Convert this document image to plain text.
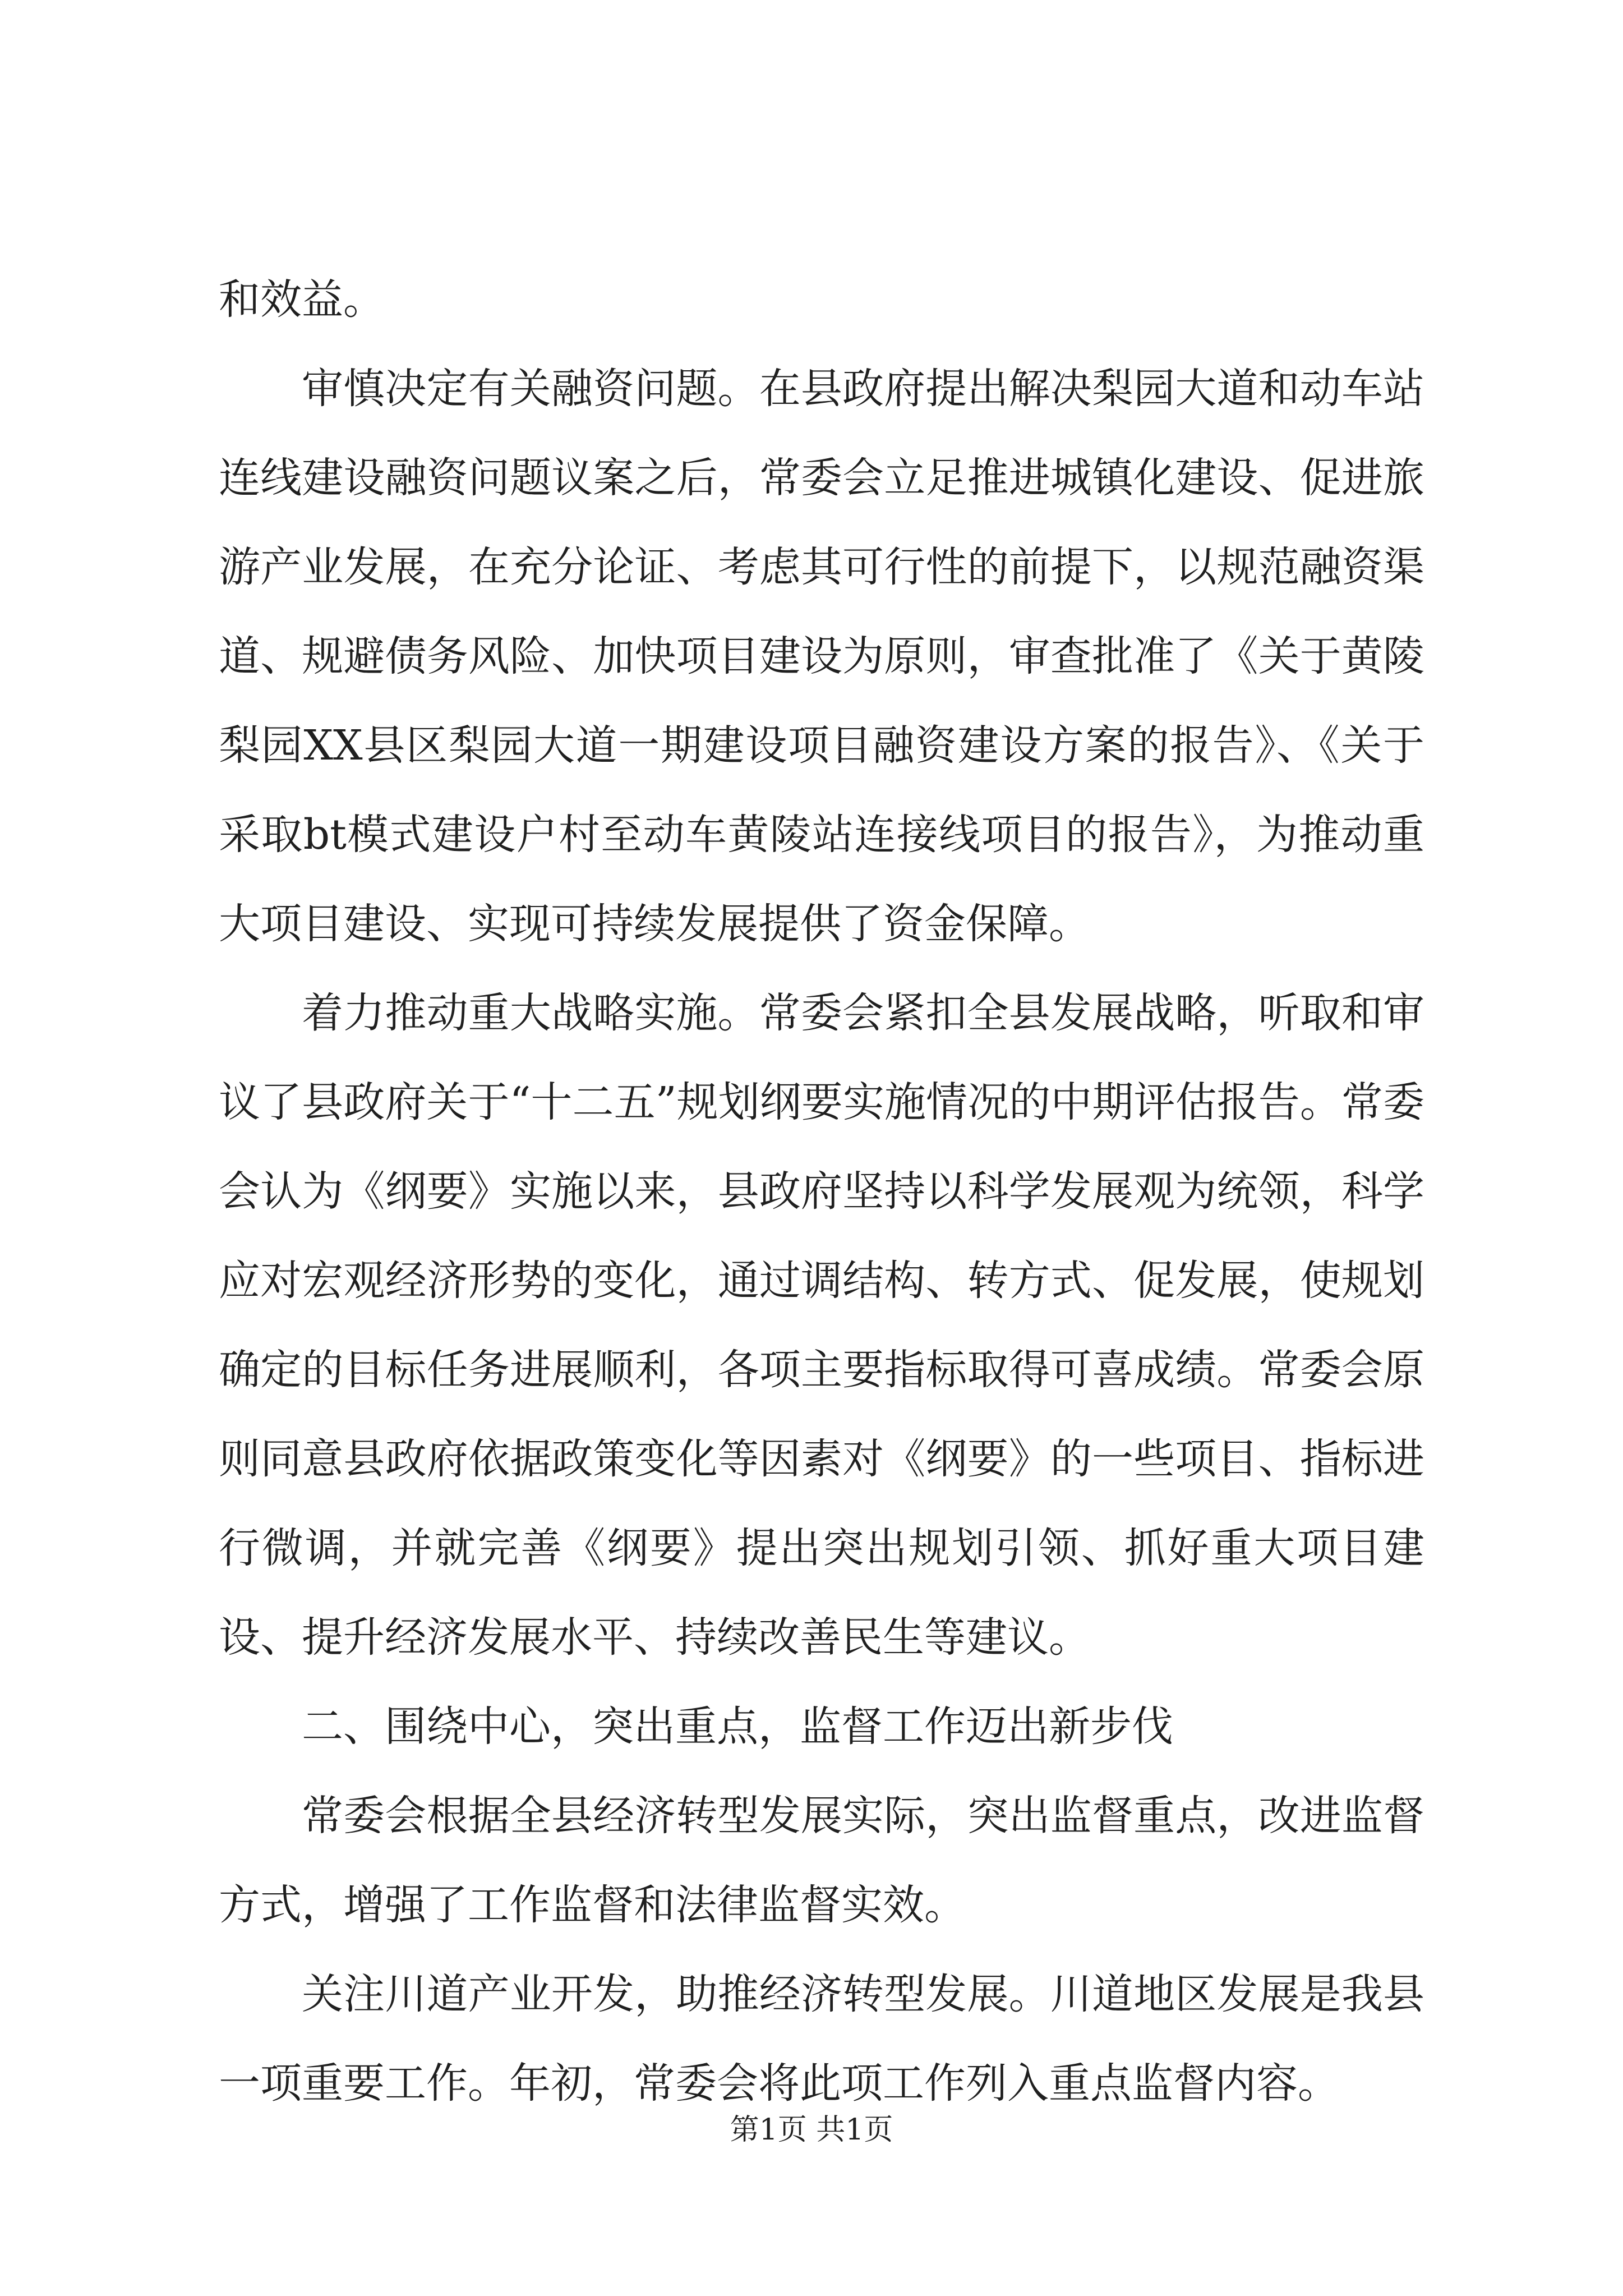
和效益。

审慎决定有关融资问题。在县政府提出解决梨园大道和动车站连线建设融资问题议案之后，常委会立足推进城镇化建设、促进旅游产业发展，在充分论证、考虑其可行性的前提下，以规范融资渠道、规避债务风险、加快项目建设为原则，审查批准了《关于黄陵梨园XX县区梨园大道一期建设项目融资建设方案的报告》、《关于采取bt模式建设户村至动车黄陵站连接线项目的报告》，为推动重大项目建设、实现可持续发展提供了资金保障。

着力推动重大战略实施。常委会紧扣全县发展战略，听取和审议了县政府关于“十二五”规划纲要实施情况的中期评估报告。常委会认为《纲要》实施以来，县政府坚持以科学发展观为统领，科学应对宏观经济形势的变化，通过调结构、转方式、促发展，使规划确定的目标任务进展顺利，各项主要指标取得可喜成绩。常委会原则同意县政府依据政策变化等因素对《纲要》的一些项目、指标进行微调，并就完善《纲要》提出突出规划引领、抓好重大项目建设、提升经济发展水平、持续改善民生等建议。

二、围绕中心，突出重点，监督工作迈出新步伐

常委会根据全县经济转型发展实际，突出监督重点，改进监督方式，增强了工作监督和法律监督实效。

关注川道产业开发，助推经济转型发展。川道地区发展是我县一项重要工作。年初，常委会将此项工作列入重点监督内容。

第1页 共1页
